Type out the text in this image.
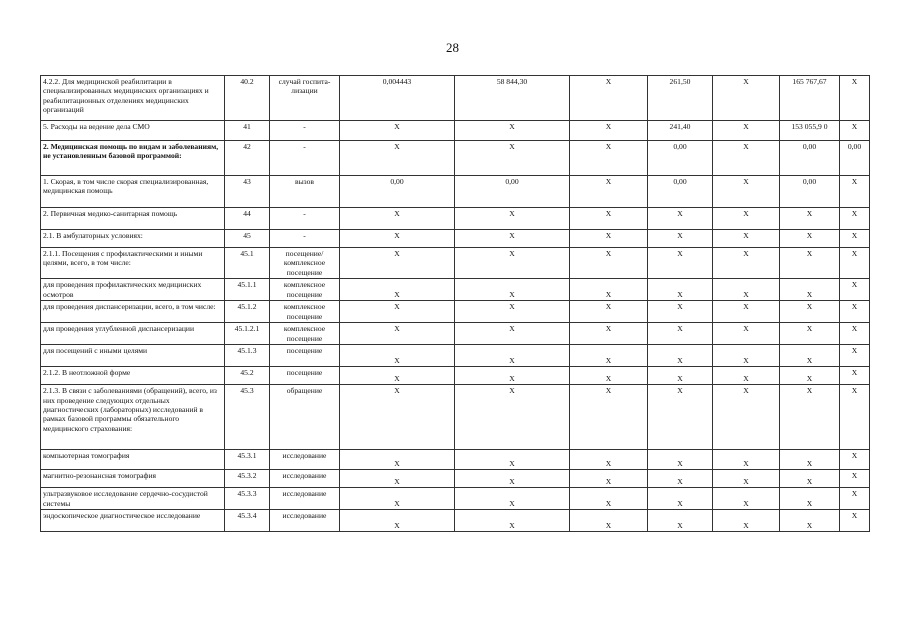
28
4.2.2. Для медицинской реабилитации в специализированных медицинских организациях и реабилитационных отделениях медицинских организаций	40.2	случай госпита-лизации	0,004443	58 844,30	X	261,50	X	165 767,67	X
5. Расходы на ведение дела СМО	41	-	X	X	X	241,40	X	153 055,9 0	X
2. Медицинская помощь по видам и заболеваниям, не установленным базовой программой:	42	-	X	X	X	0,00	X	0,00	0,00
1. Скорая, в том числе скорая специализированная, медицинская помощь	43	вызов	0,00	0,00	X	0,00	X	0,00	X
2. Первичная медико-санитарная помощь	44	-	X	X	X	X	X	X	X
2.1. В амбулаторных условиях:	45	-	X	X	X	X	X	X	X
2.1.1. Посещения с профилактическими и иными целями, всего, в том числе:	45.1	посещение/ комплексное посещение	X	X	X	X	X	X	X
для проведения профилактических медицинских осмотров	45.1.1	комплексное посещение	X	X	X	X	X	X	X
для проведения диспансеризации, всего, в том числе:	45.1.2	комплексное посещение	X	X	X	X	X	X	X
для проведения углубленной диспансеризации	45.1.2.1	комплексное посещение	X	X	X	X	X	X	X
для посещений с иными целями	45.1.3	посещение	X	X	X	X	X	X	X
2.1.2. В неотложной форме	45.2	посещение	X	X	X	X	X	X	X
2.1.3. В связи с заболеваниями (обращений), всего, из них проведение следующих отдельных диагностических (лабораторных) исследований в рамках базовой программы обязательного медицинского страхования:	45.3	обращение	X	X	X	X	X	X	X
компьютерная томография	45.3.1	исследование	X	X	X	X	X	X	X
магнитно-резонансная томография	45.3.2	исследование	X	X	X	X	X	X	X
ультразвуковое исследование сердечно-сосудистой системы	45.3.3	исследование	X	X	X	X	X	X	X
эндоскопическое диагностическое исследование	45.3.4	исследование	X	X	X	X	X	X	X
